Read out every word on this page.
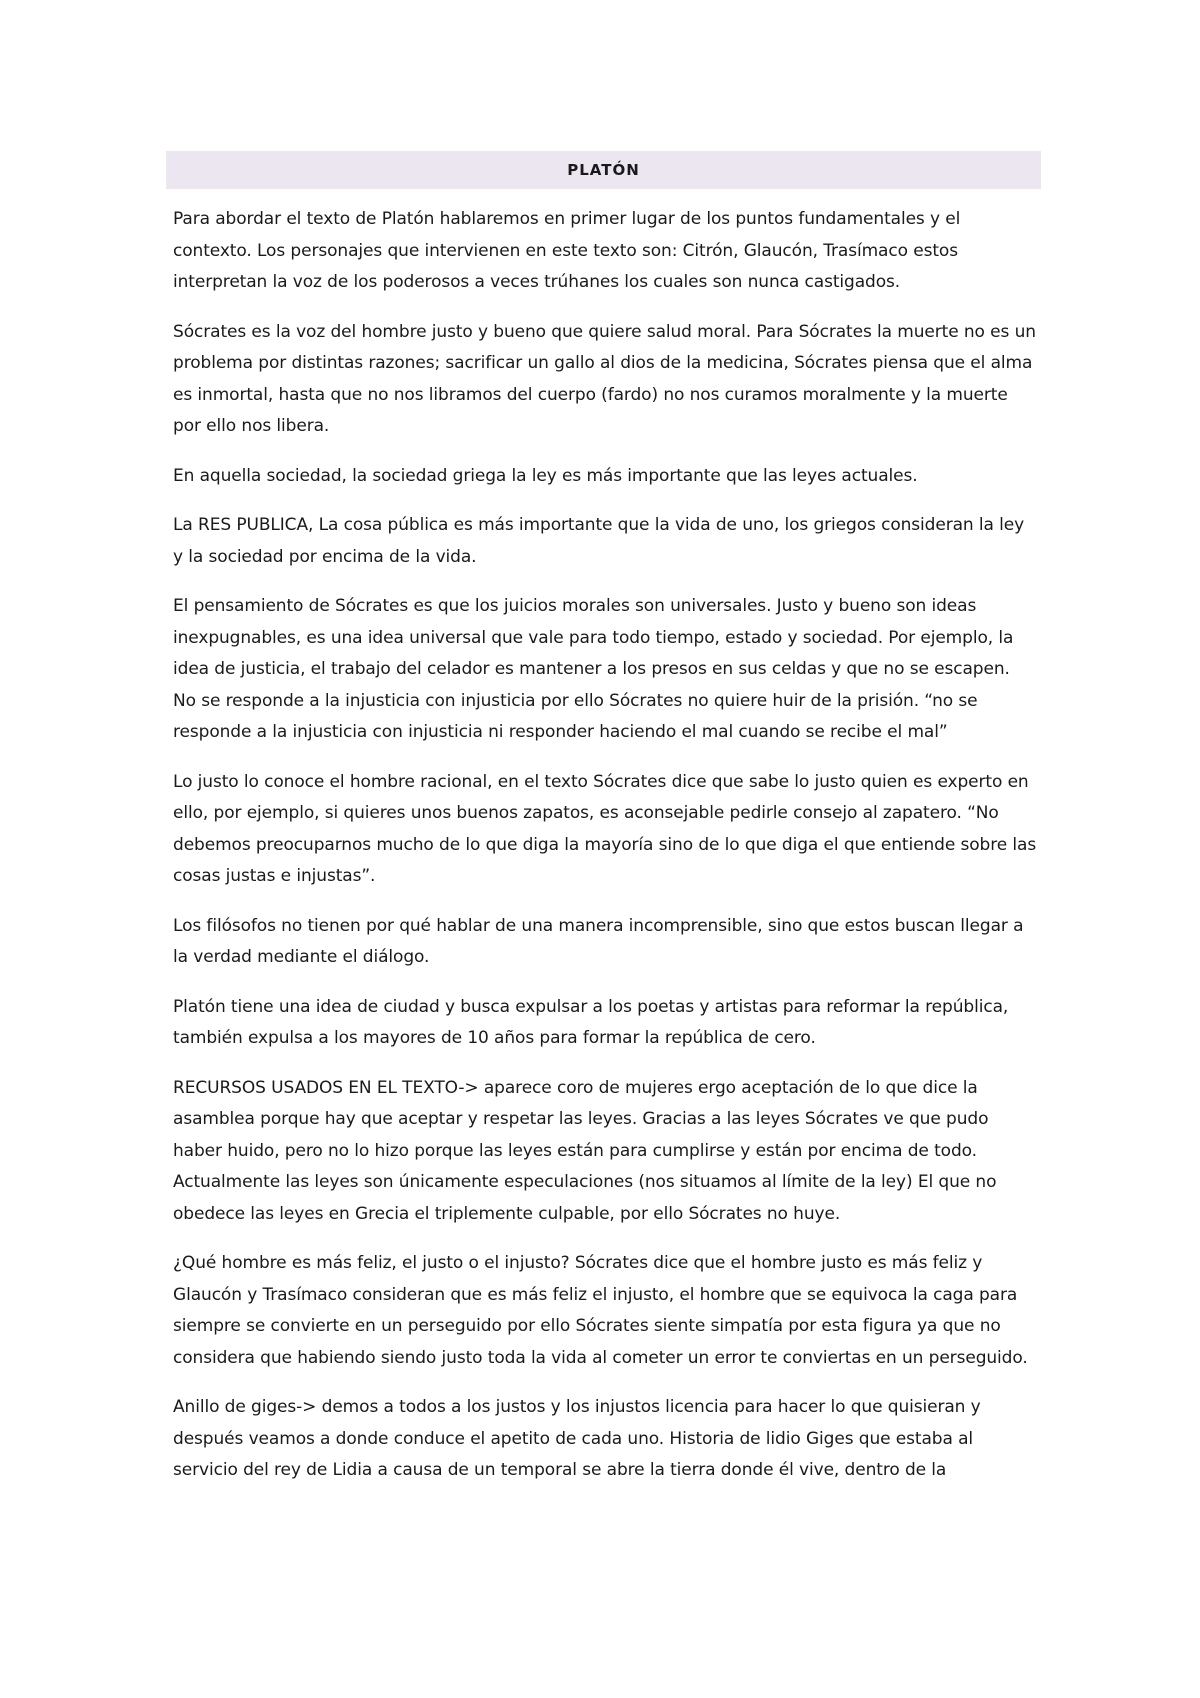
PLATÓN

Para abordar el texto de Platón hablaremos en primer lugar de los puntos fundamentales y el contexto. Los personajes que intervienen en este texto son: Citrón, Glaucón, Trasímaco estos interpretan la voz de los poderosos a veces trúhanes los cuales son nunca castigados.

Sócrates es la voz del hombre justo y bueno que quiere salud moral. Para Sócrates la muerte no es un problema por distintas razones; sacrificar un gallo al dios de la medicina, Sócrates piensa que el alma es inmortal, hasta que no nos libramos del cuerpo (fardo) no nos curamos moralmente y la muerte por ello nos libera.

En aquella sociedad, la sociedad griega la ley es más importante que las leyes actuales.

La RES PUBLICA, La cosa pública es más importante que la vida de uno, los griegos consideran la ley y la sociedad por encima de la vida.

El pensamiento de Sócrates es que los juicios morales son universales. Justo y bueno son ideas inexpugnables, es una idea universal que vale para todo tiempo, estado y sociedad. Por ejemplo, la idea de justicia, el trabajo del celador es mantener a los presos en sus celdas y que no se escapen. No se responde a la injusticia con injusticia por ello Sócrates no quiere huir de la prisión. “no se responde a la injusticia con injusticia ni responder haciendo el mal cuando se recibe el mal”

Lo justo lo conoce el hombre racional, en el texto Sócrates dice que sabe lo justo quien es experto en ello, por ejemplo, si quieres unos buenos zapatos, es aconsejable pedirle consejo al zapatero. “No debemos preocuparnos mucho de lo que diga la mayoría sino de lo que diga el que entiende sobre las cosas justas e injustas”.

Los filósofos no tienen por qué hablar de una manera incomprensible, sino que estos buscan llegar a la verdad mediante el diálogo.

Platón tiene una idea de ciudad y busca expulsar a los poetas y artistas para reformar la república, también expulsa a los mayores de 10 años para formar la república de cero.

RECURSOS USADOS EN EL TEXTO-> aparece coro de mujeres ergo aceptación de lo que dice la asamblea porque hay que aceptar y respetar las leyes. Gracias a las leyes Sócrates ve que pudo haber huido, pero no lo hizo porque las leyes están para cumplirse y están por encima de todo. Actualmente las leyes son únicamente especulaciones (nos situamos al límite de la ley) El que no obedece las leyes en Grecia el triplemente culpable, por ello Sócrates no huye.

¿Qué hombre es más feliz, el justo o el injusto? Sócrates dice que el hombre justo es más feliz y Glaucón y Trasímaco consideran que es más feliz el injusto, el hombre que se equivoca la caga para siempre se convierte en un perseguido por ello Sócrates siente simpatía por esta figura ya que no considera que habiendo siendo justo toda la vida al cometer un error te conviertas en un perseguido.

Anillo de giges-> demos a todos a los justos y los injustos licencia para hacer lo que quisieran y después veamos a donde conduce el apetito de cada uno. Historia de lidio Giges que estaba al servicio del rey de Lidia a causa de un temporal se abre la tierra donde él vive, dentro de la
